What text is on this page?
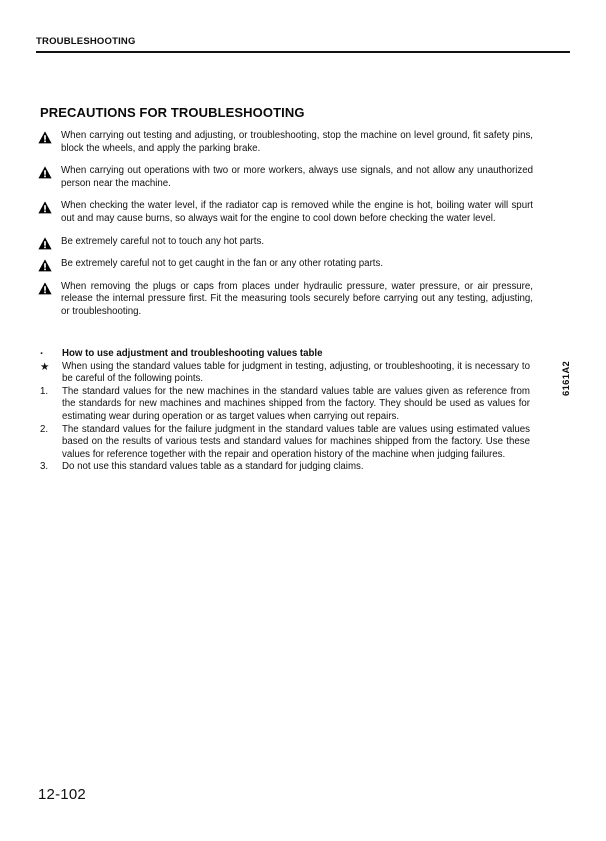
TROUBLESHOOTING
PRECAUTIONS FOR TROUBLESHOOTING
When carrying out testing and adjusting, or troubleshooting, stop the machine on level ground, fit safety pins, block the wheels, and apply the parking brake.
When carrying out operations with two or more workers, always use signals, and not allow any unauthorized person near the machine.
When checking the water level, if the radiator cap is removed while the engine is hot, boiling water will spurt out and may cause burns, so always wait for the engine to cool down before checking the water level.
Be extremely careful not to touch any hot parts.
Be extremely careful not to get caught in the fan or any other rotating parts.
When removing the plugs or caps from places under hydraulic pressure, water pressure, or air pressure, release the internal pressure first. Fit the measuring tools securely before carrying out any testing, adjusting, or troubleshooting.
·	How to use adjustment and troubleshooting values table
★	When using the standard values table for judgment in testing, adjusting, or troubleshooting, it is necessary to be careful of the following points.
1.	The standard values for the new machines in the standard values table are values given as reference from the standards for new machines and machines shipped from the factory. They should be used as values for estimating wear during operation or as target values when carrying out repairs.
2.	The standard values for the failure judgment in the standard values table are values using estimated values based on the results of various tests and standard values for machines shipped from the factory. Use these values for reference together with the repair and operation history of the machine when judging failures.
3.	Do not use this standard values table as a standard for judging claims.
6161A2
12-102
